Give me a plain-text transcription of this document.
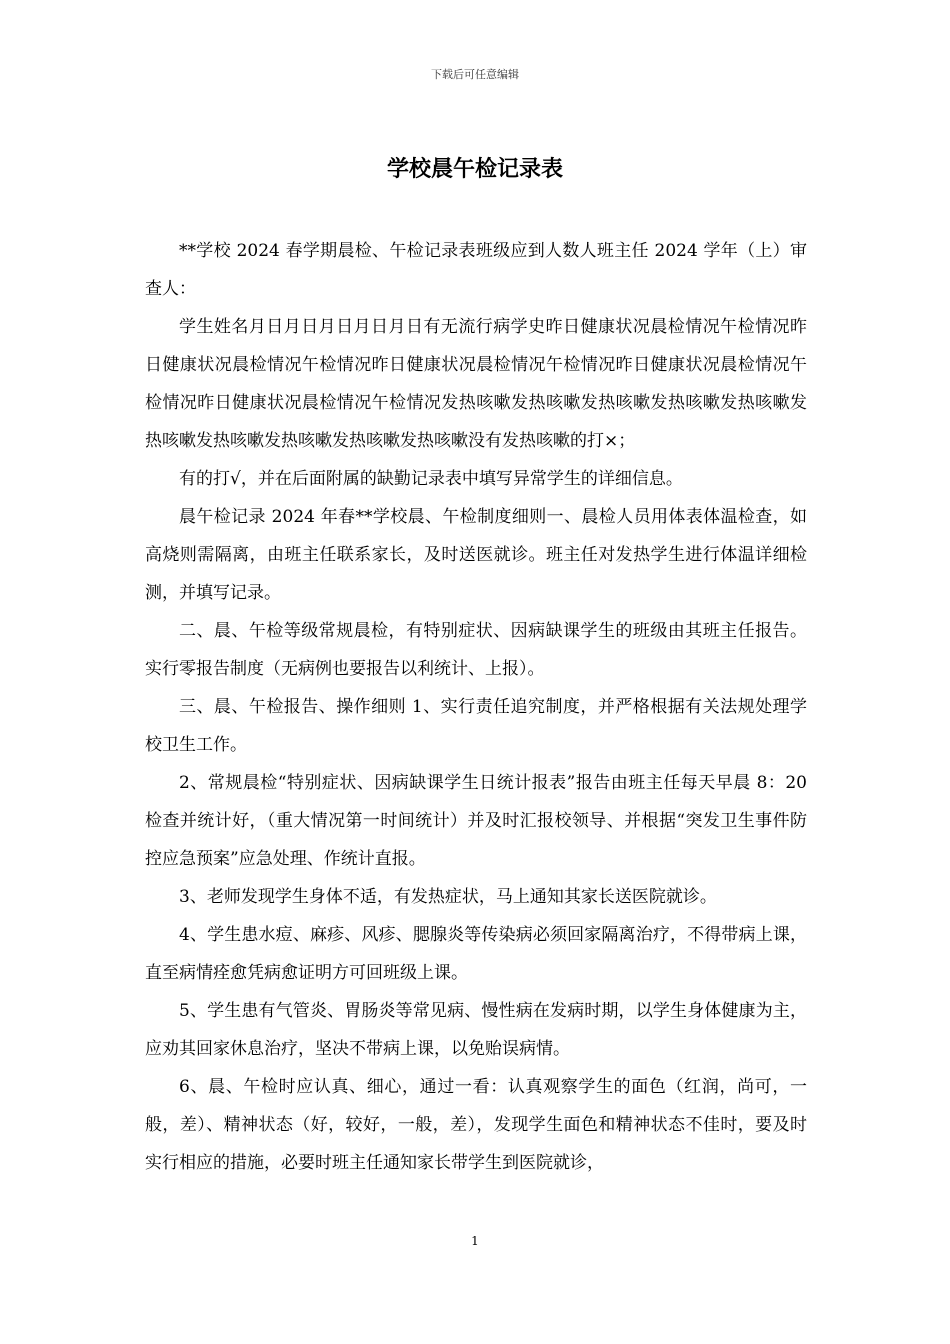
下载后可任意编辑
学校晨午检记录表

**学校 2024 春学期晨检、午检记录表班级应到人数人班主任 2024 学年（上）审查人：

学生姓名月日月日月日月日月日有无流行病学史昨日健康状况晨检情况午检情况昨日健康状况晨检情况午检情况昨日健康状况晨检情况午检情况昨日健康状况晨检情况午检情况昨日健康状况晨检情况午检情况发热咳嗽发热咳嗽发热咳嗽发热咳嗽发热咳嗽发热咳嗽发热咳嗽发热咳嗽发热咳嗽发热咳嗽没有发热咳嗽的打×；

有的打√，并在后面附属的缺勤记录表中填写异常学生的详细信息。

晨午检记录 2024 年春**学校晨、午检制度细则一、晨检人员用体表体温检查，如高烧则需隔离，由班主任联系家长，及时送医就诊。班主任对发热学生进行体温详细检测，并填写记录。

二、晨、午检等级常规晨检，有特别症状、因病缺课学生的班级由其班主任报告。实行零报告制度（无病例也要报告以利统计、上报）。

三、晨、午检报告、操作细则 1、实行责任追究制度，并严格根据有关法规处理学校卫生工作。

2、常规晨检“特别症状、因病缺课学生日统计报表”报告由班主任每天早晨 8：20 检查并统计好，（重大情况第一时间统计）并及时汇报校领导、并根据“突发卫生事件防控应急预案”应急处理、作统计直报。

3、老师发现学生身体不适，有发热症状，马上通知其家长送医院就诊。

4、学生患水痘、麻疹、风疹、腮腺炎等传染病必须回家隔离治疗，不得带病上课，直至病情痊愈凭病愈证明方可回班级上课。

5、学生患有气管炎、胃肠炎等常见病、慢性病在发病时期，以学生身体健康为主，应劝其回家休息治疗，坚决不带病上课，以免贻误病情。

6、晨、午检时应认真、细心，通过一看：认真观察学生的面色（红润，尚可，一般，差）、精神状态（好，较好，一般，差），发现学生面色和精神状态不佳时，要及时实行相应的措施，必要时班主任通知家长带学生到医院就诊，

1
